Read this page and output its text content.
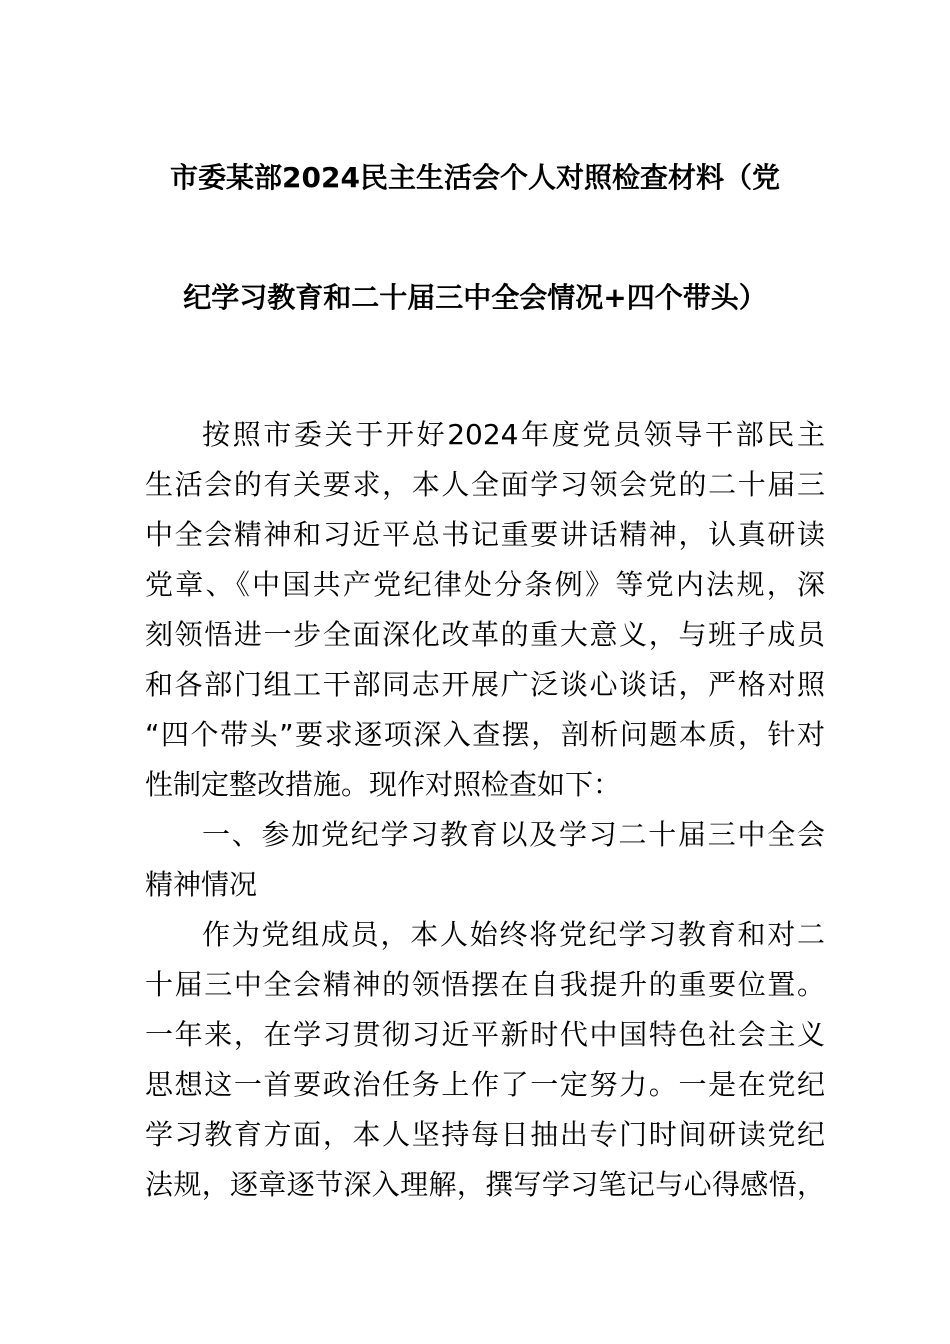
市委某部2024民主生活会个人对照检查材料（党
纪学习教育和二十届三中全会情况+四个带头）
按照市委关于开好2024年度党员领导干部民主
生活会的有关要求，本人全面学习领会党的二十届三
中全会精神和习近平总书记重要讲话精神，认真研读
党章、《中国共产党纪律处分条例》等党内法规，深
刻领悟进一步全面深化改革的重大意义，与班子成员
和各部门组工干部同志开展广泛谈心谈话，严格对照
“四个带头”要求逐项深入查摆，剖析问题本质，针对
性制定整改措施。现作对照检查如下：
一、参加党纪学习教育以及学习二十届三中全会
精神情况
作为党组成员，本人始终将党纪学习教育和对二
十届三中全会精神的领悟摆在自我提升的重要位置。
一年来，在学习贯彻习近平新时代中国特色社会主义
思想这一首要政治任务上作了一定努力。一是在党纪
学习教育方面，本人坚持每日抽出专门时间研读党纪
法规，逐章逐节深入理解，撰写学习笔记与心得感悟，
